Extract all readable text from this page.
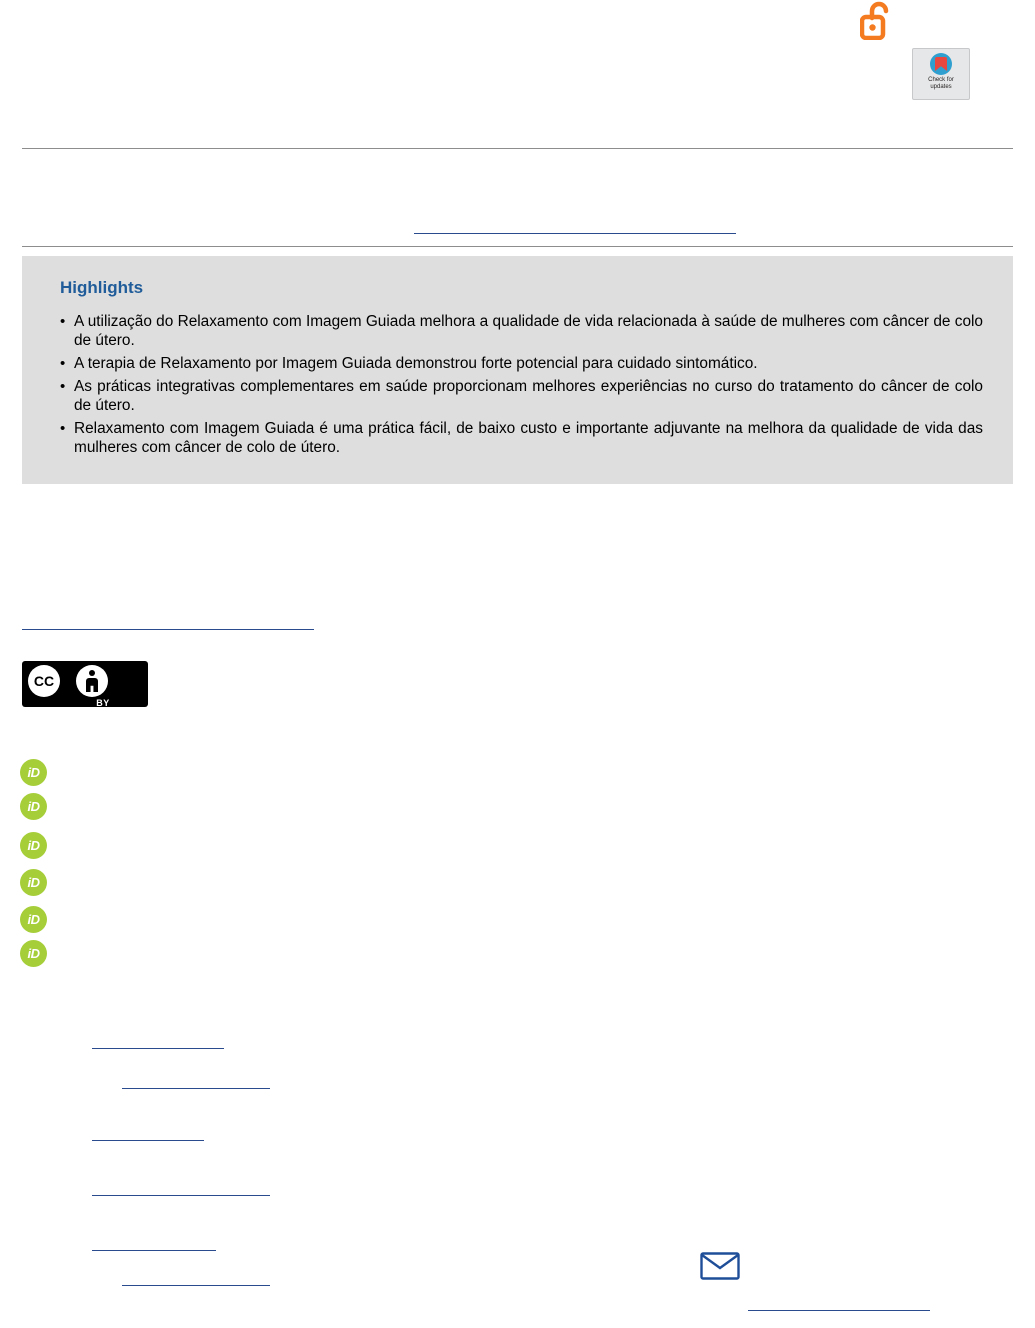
Check for
updates
Highlights
• A utilização do Relaxamento com Imagem Guiada melhora a qualidade de vida relacionada à saúde de mulheres com câncer de colo de útero.
• A terapia de Relaxamento por Imagem Guiada demonstrou forte potencial para cuidado sintomático.
• As práticas integrativas complementares em saúde proporcionam melhores experiências no curso do tratamento do câncer de colo de útero.
• Relaxamento com Imagem Guiada é uma prática fácil, de baixo custo e importante adjuvante na melhora da qualidade de vida das mulheres com câncer de colo de útero.
CC
BY
iD
iD
iD
iD
iD
iD
